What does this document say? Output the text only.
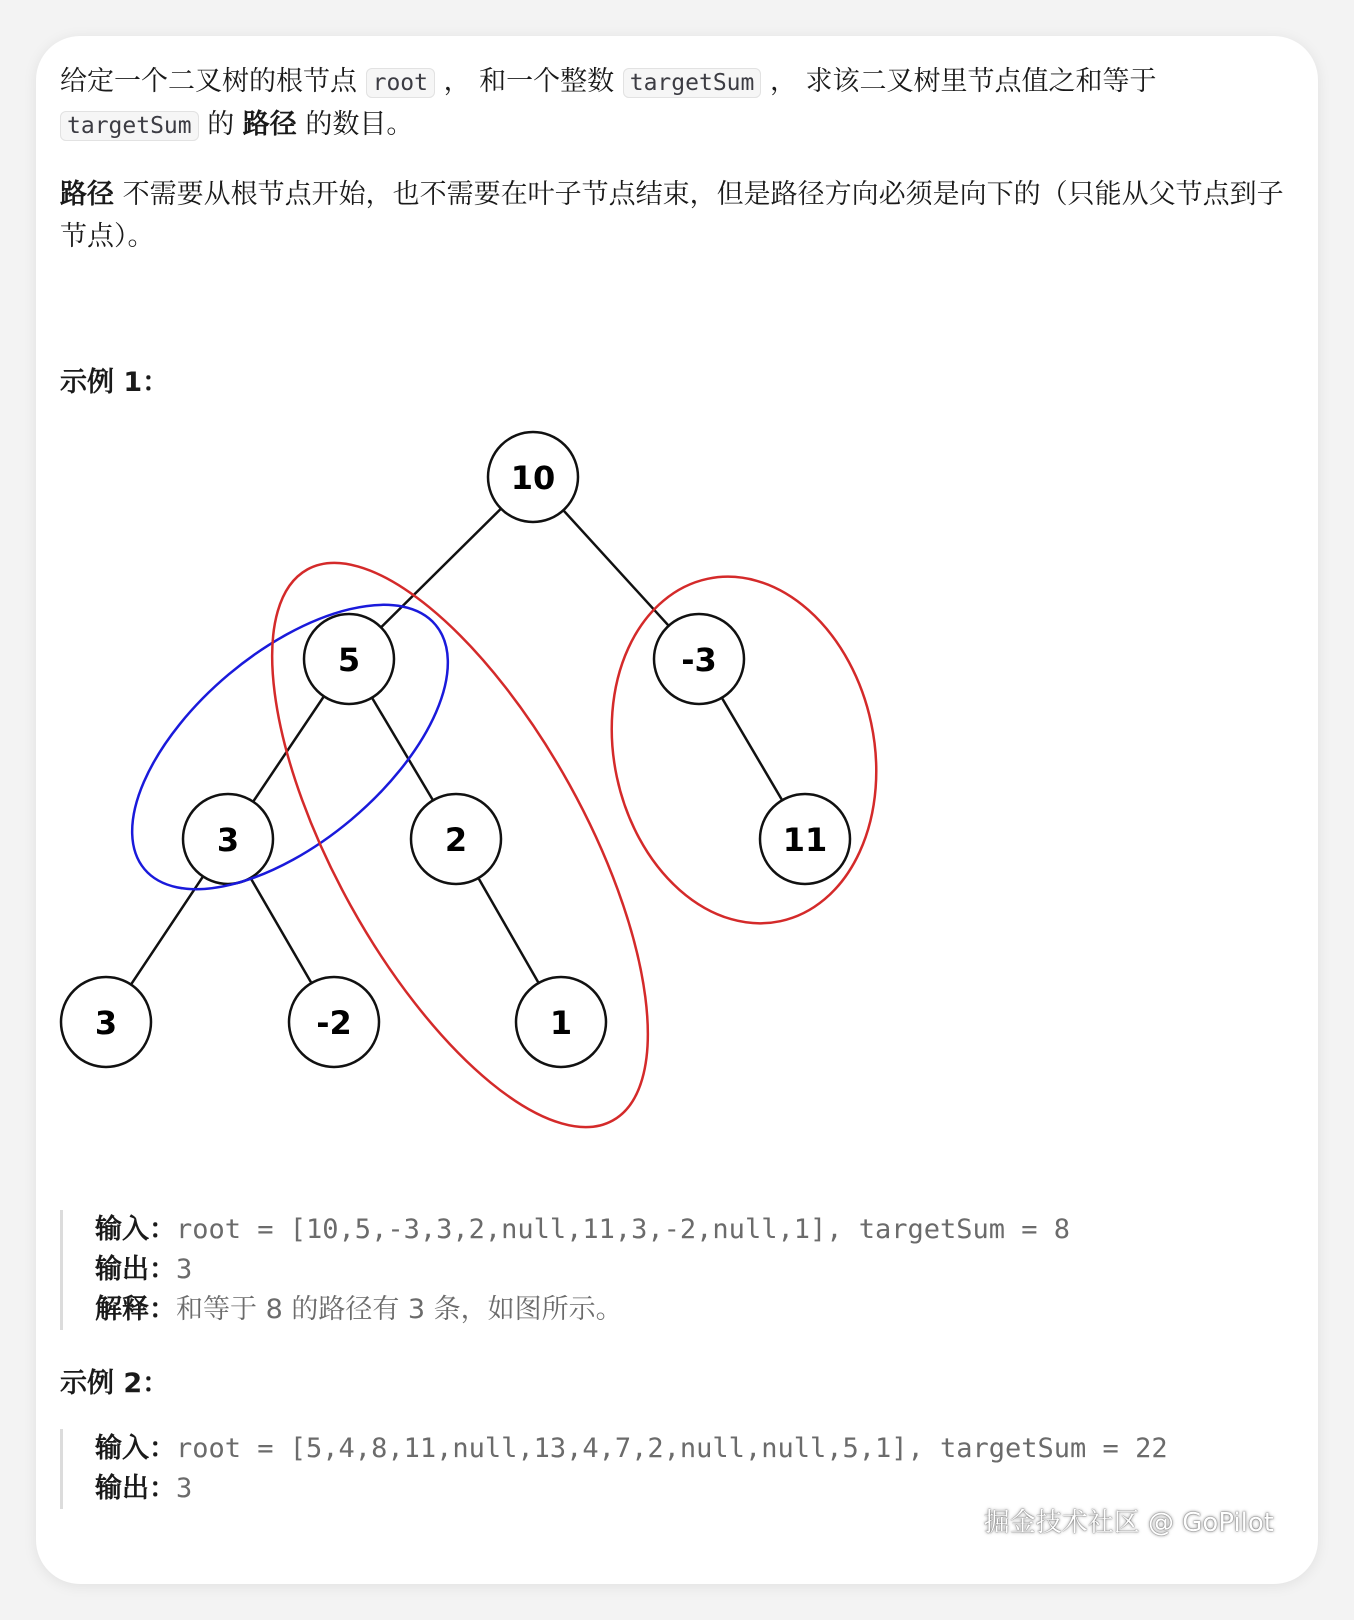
给定一个二叉树的根节点 root ， 和一个整数 targetSum ， 求该二叉树里节点值之和等于
targetSum 的 路径 的数目。
路径 不需要从根节点开始，也不需要在叶子节点结束，但是路径方向必须是向下的（只能从父节点到子节点）。
示例 1：
10
5	-3
3	2	11
3	-2	1
输入：root = [10,5,-3,3,2,null,11,3,-2,null,1], targetSum = 8
输出：3
解释：和等于 8 的路径有 3 条，如图所示。
示例 2：
输入：root = [5,4,8,11,null,13,4,7,2,null,null,5,1], targetSum = 22
输出：3
掘金技术社区 @ GoPilot
